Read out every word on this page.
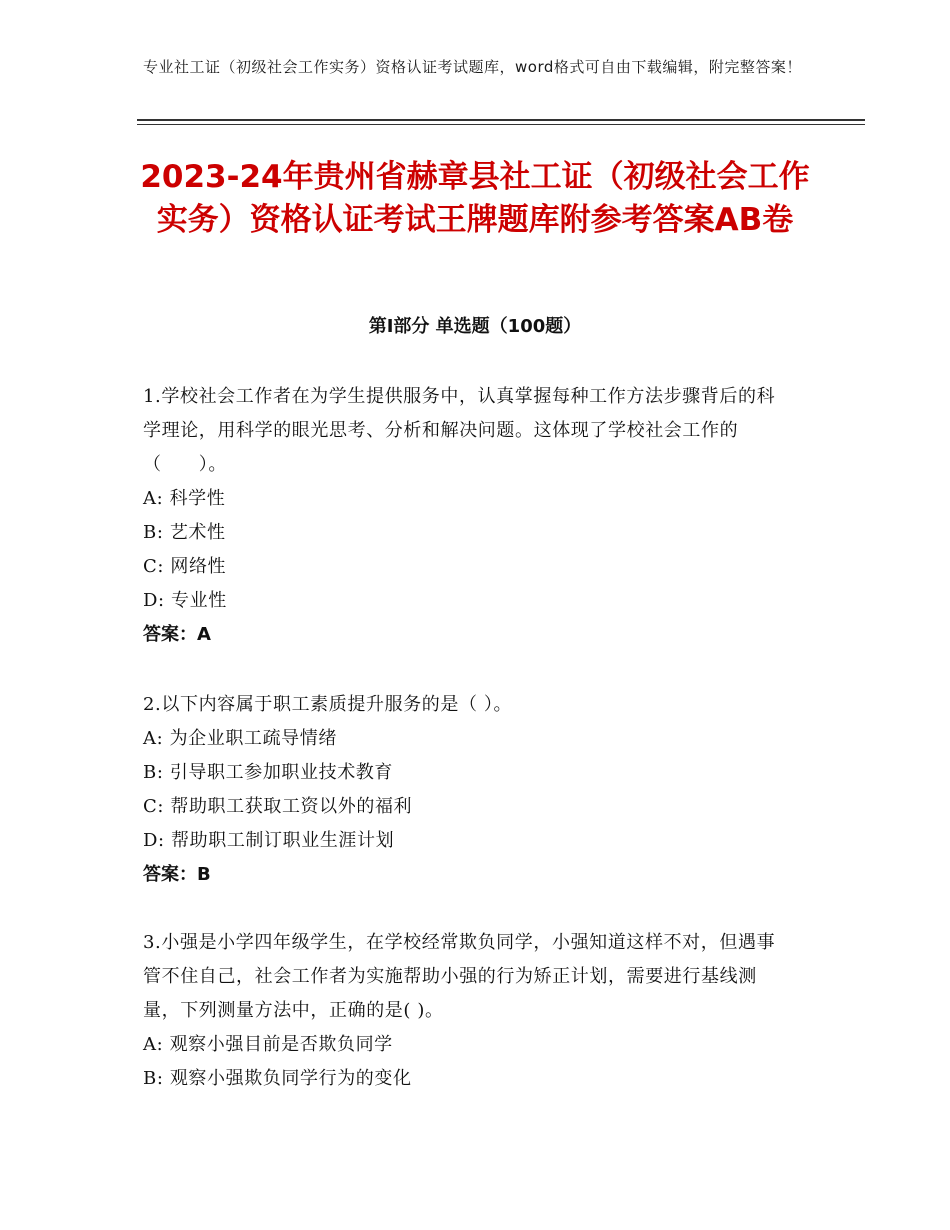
专业社工证（初级社会工作实务）资格认证考试题库，word格式可自由下载编辑，附完整答案！
2023-24年贵州省赫章县社工证（初级社会工作实务）资格认证考试王牌题库附参考答案AB卷
第I部分 单选题（100题）

1.学校社会工作者在为学生提供服务中，认真掌握每种工作方法步骤背后的科学理论，用科学的眼光思考、分析和解决问题。这体现了学校社会工作的（　　）。

A: 科学性

B: 艺术性

C: 网络性

D: 专业性

答案：A

2.以下内容属于职工素质提升服务的是（ ）。

A: 为企业职工疏导情绪

B: 引导职工参加职业技术教育

C: 帮助职工获取工资以外的福利

D: 帮助职工制订职业生涯计划

答案：B

3.小强是小学四年级学生，在学校经常欺负同学，小强知道这样不对，但遇事管不住自己，社会工作者为实施帮助小强的行为矫正计划，需要进行基线测量，下列测量方法中，正确的是( )。

A: 观察小强目前是否欺负同学

B: 观察小强欺负同学行为的变化
